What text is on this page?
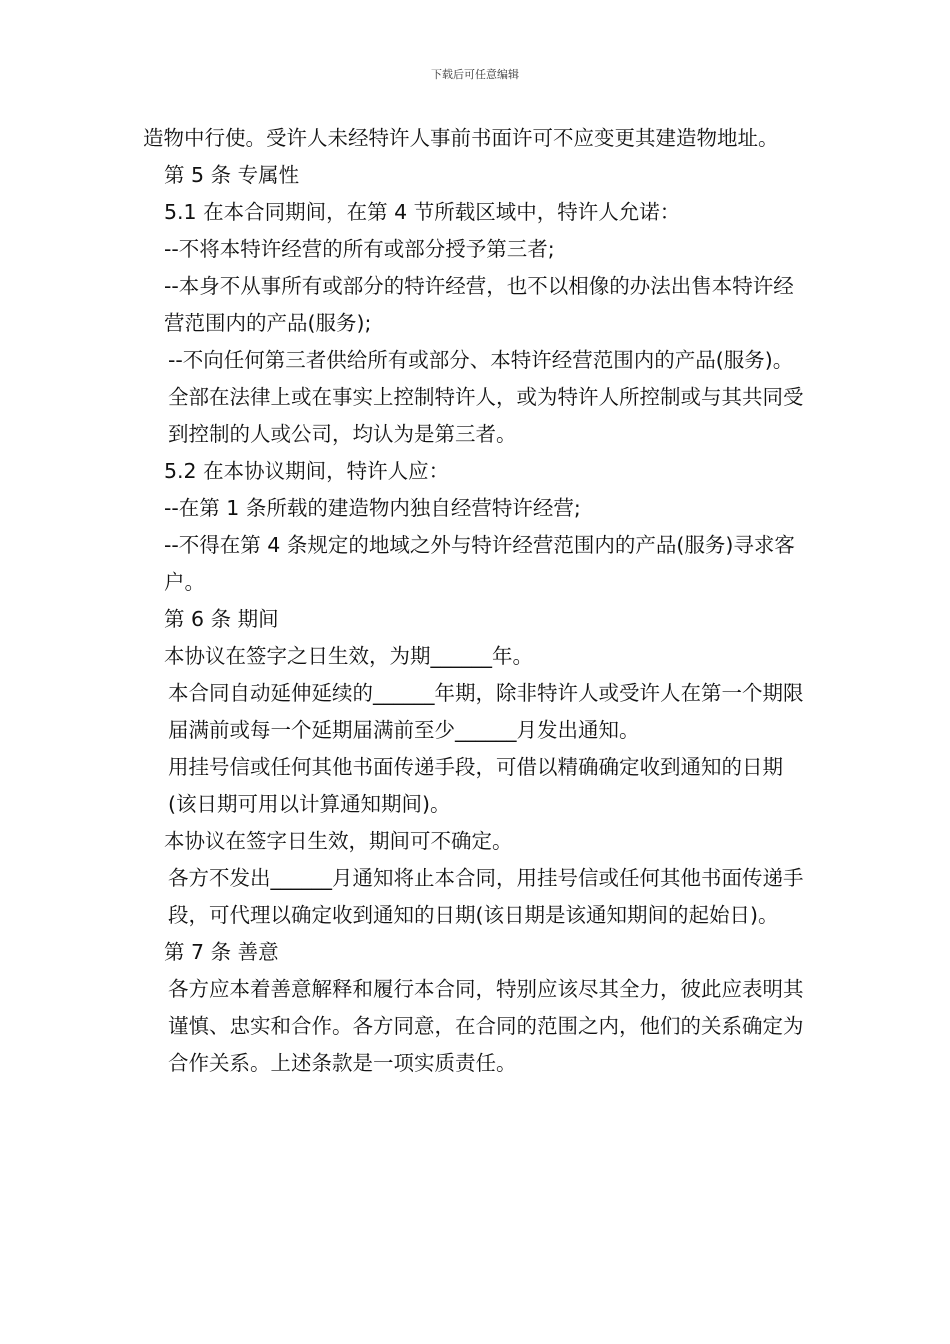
下载后可任意编辑

造物中行使。受许人未经特许人事前书面许可不应变更其建造物地址。

第 5 条 专属性

5.1 在本合同期间，在第 4 节所载区域中，特许人允诺：

--不将本特许经营的所有或部分授予第三者;

--本身不从事所有或部分的特许经营，也不以相像的办法出售本特许经营范围内的产品(服务);

--不向任何第三者供给所有或部分、本特许经营范围内的产品(服务)。

全部在法律上或在事实上控制特许人，或为特许人所控制或与其共同受到控制的人或公司，均认为是第三者。

5.2 在本协议期间，特许人应：

--在第 1 条所载的建造物内独自经营特许经营;

--不得在第 4 条规定的地域之外与特许经营范围内的产品(服务)寻求客户。

第 6 条 期间

本协议在签字之日生效，为期______年。

本合同自动延伸延续的______年期，除非特许人或受许人在第一个期限届满前或每一个延期届满前至少______月发出通知。

用挂号信或任何其他书面传递手段，可借以精确确定收到通知的日期(该日期可用以计算通知期间)。

本协议在签字日生效，期间可不确定。

各方不发出______月通知将止本合同，用挂号信或任何其他书面传递手段，可代理以确定收到通知的日期(该日期是该通知期间的起始日)。

第 7 条 善意

各方应本着善意解释和履行本合同，特别应该尽其全力，彼此应表明其谨慎、忠实和合作。各方同意，在合同的范围之内，他们的关系确定为合作关系。上述条款是一项实质责任。
